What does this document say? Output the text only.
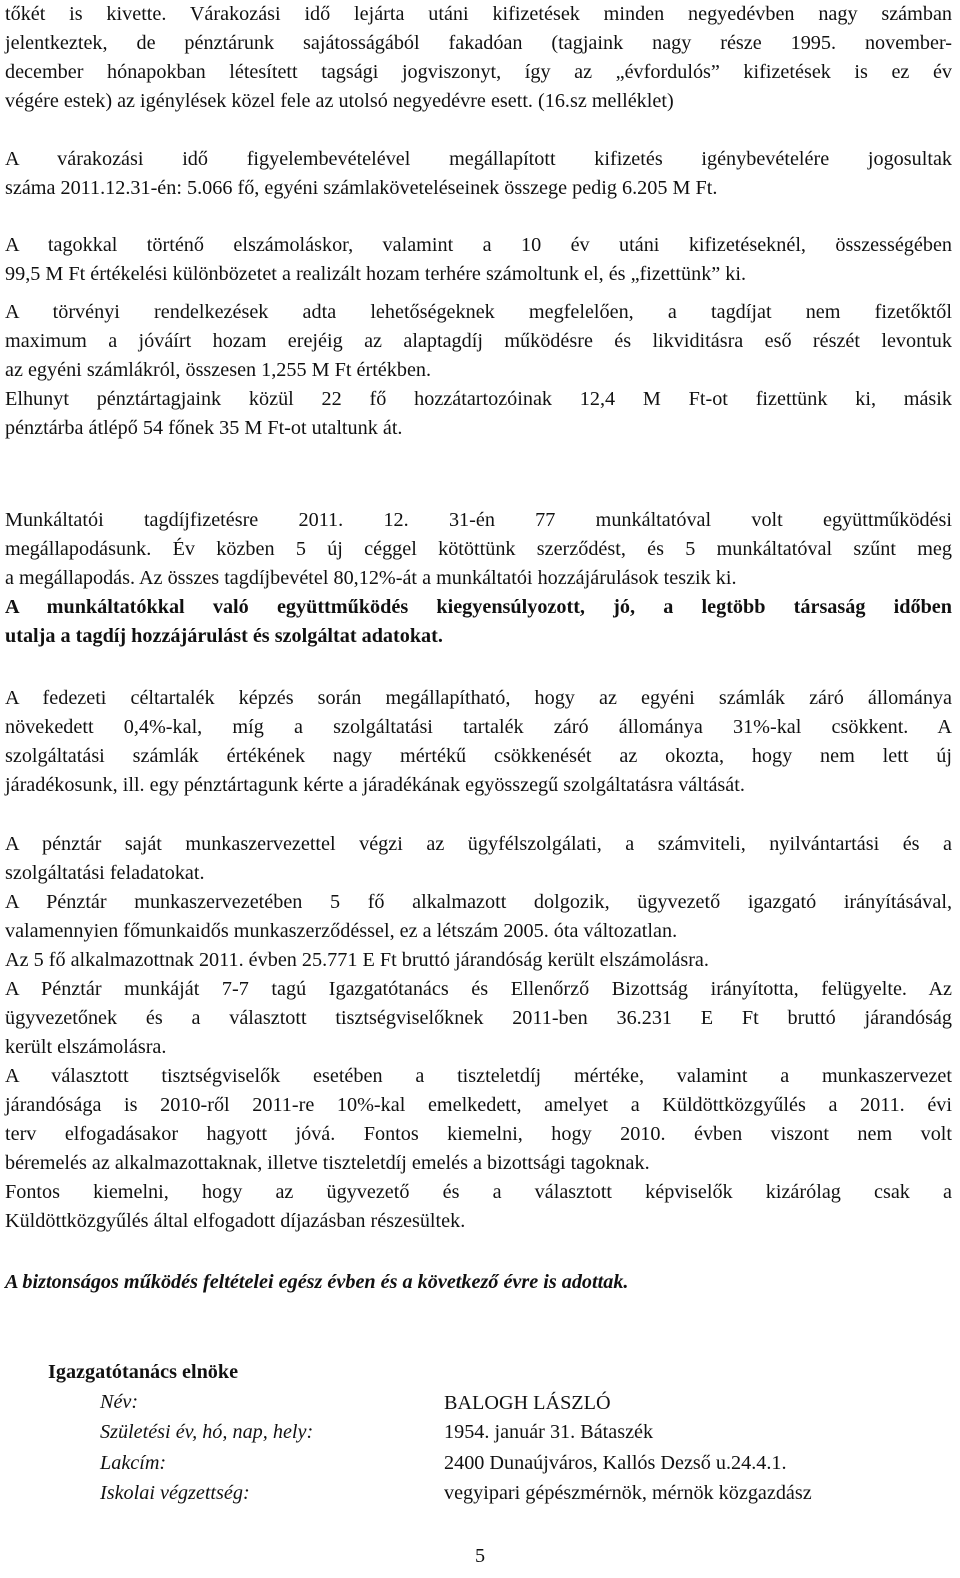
tőkét is kivette. Várakozási idő lejárta utáni kifizetések minden negyedévben nagy számban
jelentkeztek, de pénztárunk sajátosságából fakadóan (tagjaink nagy része 1995. november-
december hónapokban létesített tagsági jogviszonyt, így az „évfordulós” kifizetések is ez év
végére estek) az igénylések közel fele az utolsó negyedévre esett. (16.sz melléklet)
A várakozási idő figyelembevételével megállapított kifizetés igénybevételére jogosultak
száma 2011.12.31-én: 5.066 fő, egyéni számlaköveteléseinek összege pedig 6.205 M Ft.
A tagokkal történő elszámoláskor, valamint a 10 év utáni kifizetéseknél, összességében
99,5 M Ft értékelési különbözetet a realizált hozam terhére számoltunk el, és „fizettünk” ki.
A törvényi rendelkezések adta lehetőségeknek megfelelően, a tagdíjat nem fizetőktől
maximum a jóváírt hozam erejéig az alaptagdíj működésre és likviditásra eső részét levontuk
az egyéni számlákról, összesen 1,255 M Ft értékben.
Elhunyt pénztártagjaink közül 22 fő hozzátartozóinak 12,4 M Ft-ot fizettünk ki, másik
pénztárba átlépő 54 főnek 35 M Ft-ot utaltunk át.
Munkáltatói tagdíjfizetésre 2011. 12. 31-én 77 munkáltatóval volt együttműködési
megállapodásunk. Év közben 5 új céggel kötöttünk szerződést, és 5 munkáltatóval szűnt meg
a megállapodás. Az összes tagdíjbevétel 80,12%-át a munkáltatói hozzájárulások teszik ki.
A munkáltatókkal való együttműködés kiegyensúlyozott, jó, a legtöbb társaság időben
utalja a tagdíj hozzájárulást és szolgáltat adatokat.
A fedezeti céltartalék képzés során megállapítható, hogy az egyéni számlák záró állománya
növekedett 0,4%-kal, míg a szolgáltatási tartalék záró állománya 31%-kal csökkent. A
szolgáltatási számlák értékének nagy mértékű csökkenését az okozta, hogy nem lett új
járadékosunk, ill. egy pénztártagunk kérte a járadékának egyösszegű szolgáltatásra váltását.
A pénztár saját munkaszervezettel végzi az ügyfélszolgálati, a számviteli, nyilvántartási és a
szolgáltatási feladatokat.
A Pénztár munkaszervezetében 5 fő alkalmazott dolgozik, ügyvezető igazgató irányításával,
valamennyien főmunkaidős munkaszerződéssel, ez a létszám 2005. óta változatlan.
Az 5 fő alkalmazottnak 2011. évben 25.771 E Ft bruttó járandóság került elszámolásra.
A Pénztár munkáját 7-7 tagú Igazgatótanács és Ellenőrző Bizottság irányította, felügyelte. Az
ügyvezetőnek és a választott tisztségviselőknek 2011-ben 36.231 E Ft bruttó járandóság
került elszámolásra.
A választott tisztségviselők esetében a tiszteletdíj mértéke, valamint a munkaszervezet
járandósága is 2010-ről 2011-re 10%-kal emelkedett, amelyet a Küldöttközgyűlés a 2011. évi
terv elfogadásakor hagyott jóvá. Fontos kiemelni, hogy 2010. évben viszont nem volt
béremelés az alkalmazottaknak, illetve tiszteletdíj emelés a bizottsági tagoknak.
Fontos kiemelni, hogy az ügyvezető és a választott képviselők kizárólag csak a
Küldöttközgyűlés által elfogadott díjazásban részesültek.
A biztonságos működés feltételei egész évben és a következő évre is adottak.
Igazgatótanács elnöke
Név:	BALOGH LÁSZLÓ
Születési év, hó, nap, hely:	1954. január 31. Bátaszék
Lakcím:	2400 Dunaújváros, Kallós Dezső u.24.4.1.
Iskolai végzettség:	vegyipari gépészmérnök, mérnök közgazdász
5
